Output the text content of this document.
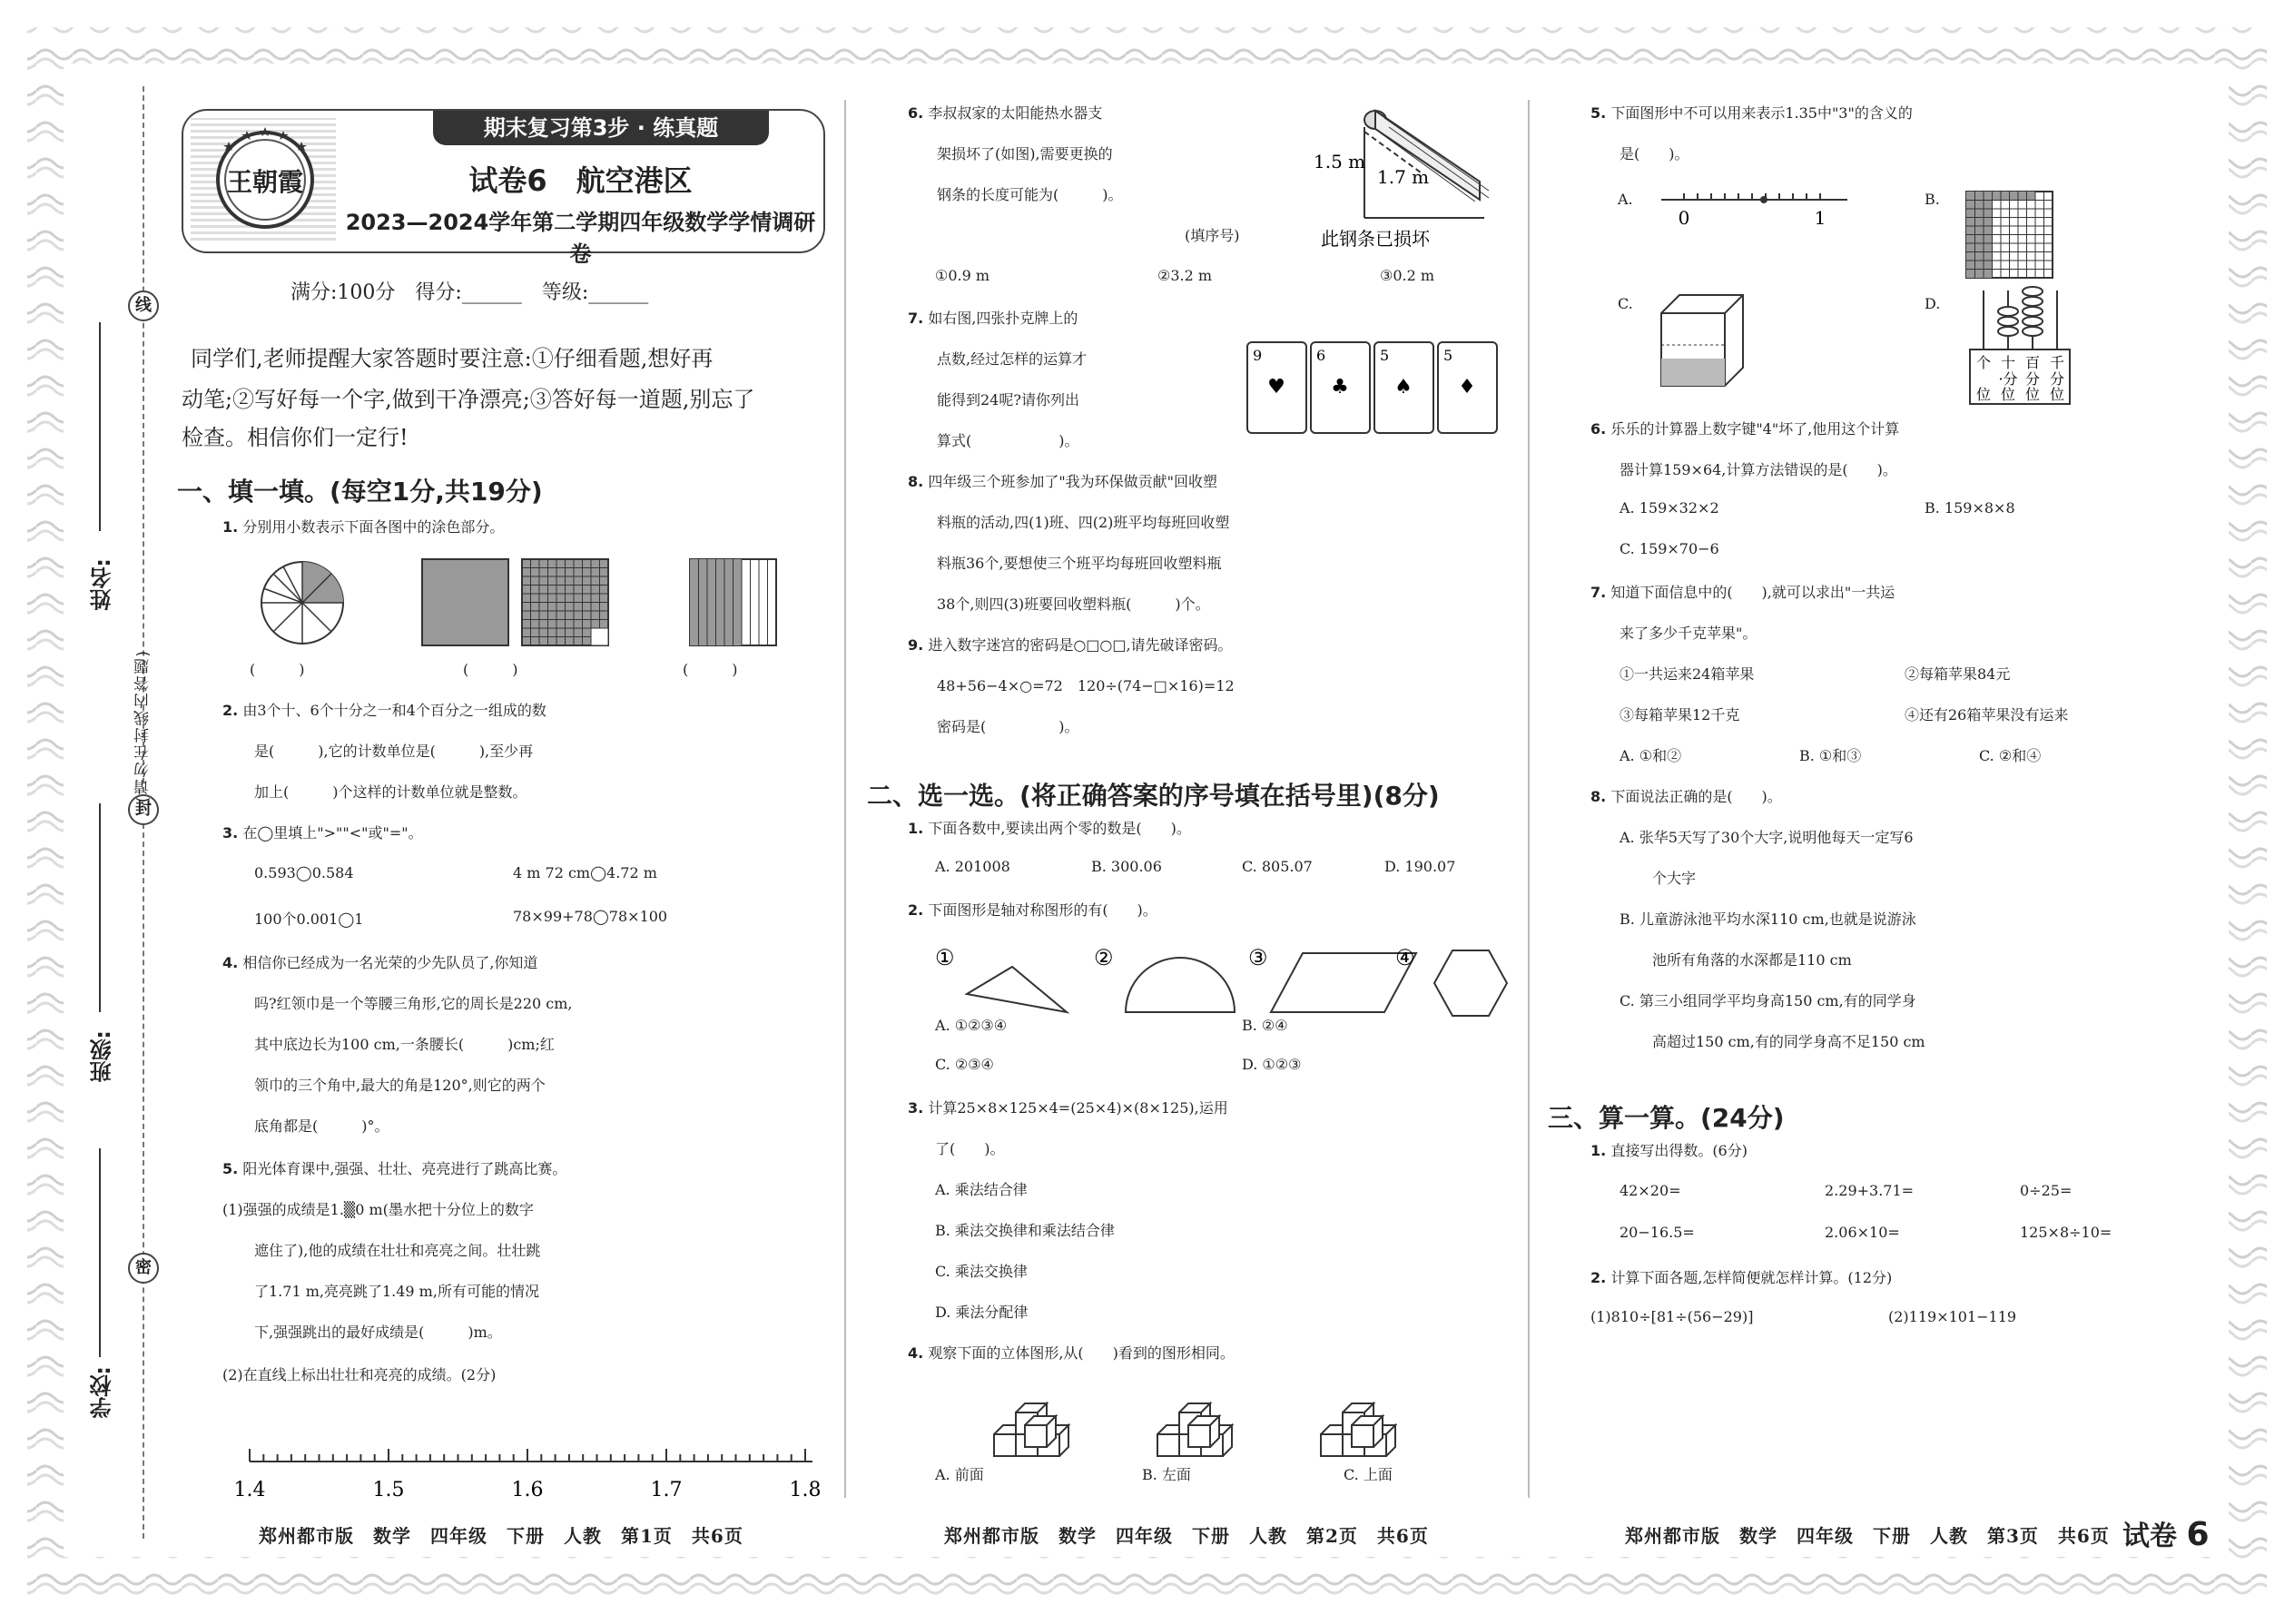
线
封
密
姓名:
班级:
学校:
(请勿在封线内答题)
王朝霞
期末复习第3步 · 练真题
试卷6　航空港区
2023—2024学年第二学期四年级数学学情调研卷
满分:100分　得分:______　等级:______
同学们,老师提醒大家答题时要注意:①仔细看题,想好再
动笔;②写好每一个字,做到干净漂亮;③答好每一道题,别忘了
检查。相信你们一定行!
一、填一填。(每空1分,共19分)
1. 分别用小数表示下面各图中的涂色部分。
(　　　)	(　　　)	(　　　)
2. 由3个十、6个十分之一和4个百分之一组成的数
是(　　　),它的计数单位是(　　　),至少再
加上(　　　)个这样的计数单位就是整数。
3. 在◯里填上">""<"或"="。
0.593◯0.584	4 m 72 cm◯4.72 m
100个0.001◯1	78×99+78◯78×100
4. 相信你已经成为一名光荣的少先队员了,你知道
吗?红领巾是一个等腰三角形,它的周长是220 cm,
其中底边长为100 cm,一条腰长(　　　)cm;红
领巾的三个角中,最大的角是120°,则它的两个
底角都是(　　　)°。
5. 阳光体育课中,强强、壮壮、亮亮进行了跳高比赛。
(1)强强的成绩是1.▒0 m(墨水把十分位上的数字
遮住了),他的成绩在壮壮和亮亮之间。壮壮跳
了1.71 m,亮亮跳了1.49 m,所有可能的情况
下,强强跳出的最好成绩是(　　　)m。
(2)在直线上标出壮壮和亮亮的成绩。(2分)
1.4	1.5	1.6	1.7	1.8
郑州都市版　数学　四年级　下册　人教　第1页　共6页
6. 李叔叔家的太阳能热水器支
架损坏了(如图),需要更换的
钢条的长度可能为(　　　)。
(填序号)
1.5 m
1.7 m
此钢条已损坏
①0.9 m	②3.2 m	③0.2 m
7. 如右图,四张扑克牌上的
点数,经过怎样的运算才
能得到24呢?请你列出
算式(　　　　　　)。
9
♥
6
♣
5
♠
5
♦
8. 四年级三个班参加了"我为环保做贡献"回收塑
料瓶的活动,四(1)班、四(2)班平均每班回收塑
料瓶36个,要想使三个班平均每班回收塑料瓶
38个,则四(3)班要回收塑料瓶(　　　)个。
9. 进入数字迷宫的密码是○□○□,请先破译密码。
48+56−4×○=72　120÷(74−□×16)=12
密码是(　　　　　)。
二、选一选。(将正确答案的序号填在括号里)(8分)
1. 下面各数中,要读出两个零的数是(　　)。
A. 201008	B. 300.06	C. 805.07	D. 190.07
2. 下面图形是轴对称图形的有(　　)。
①	②	③	④
A. ①②③④	B. ②④
C. ②③④	D. ①②③
3. 计算25×8×125×4=(25×4)×(8×125),运用
了(　　)。
A. 乘法结合律
B. 乘法交换律和乘法结合律
C. 乘法交换律
D. 乘法分配律
4. 观察下面的立体图形,从(　　)看到的图形相同。
A. 前面	B. 左面	C. 上面
郑州都市版　数学　四年级　下册　人教　第2页　共6页
5. 下面图形中不可以用来表示1.35中"3"的含义的
是(　　)。
A.
0	1
B.
C.	D.
个 十 百 千
位
·分 分 分
位 位 位
6. 乐乐的计算器上数字键"4"坏了,他用这个计算
器计算159×64,计算方法错误的是(　　)。
A. 159×32×2	B. 159×8×8
C. 159×70−6
7. 知道下面信息中的(　　),就可以求出"一共运
来了多少千克苹果"。
①一共运来24箱苹果	②每箱苹果84元
③每箱苹果12千克	④还有26箱苹果没有运来
A. ①和②	B. ①和③	C. ②和④
8. 下面说法正确的是(　　)。
A. 张华5天写了30个大字,说明他每天一定写6
个大字
B. 儿童游泳池平均水深110 cm,也就是说游泳
池所有角落的水深都是110 cm
C. 第三小组同学平均身高150 cm,有的同学身
高超过150 cm,有的同学身高不足150 cm
三、算一算。(24分)
1. 直接写出得数。(6分)
42×20=	2.29+3.71=	0÷25=
20−16.5=	2.06×10=	125×8÷10=
2. 计算下面各题,怎样简便就怎样计算。(12分)
(1)810÷[81÷(56−29)]	(2)119×101−119
郑州都市版　数学　四年级　下册　人教　第3页　共6页 试卷 6
